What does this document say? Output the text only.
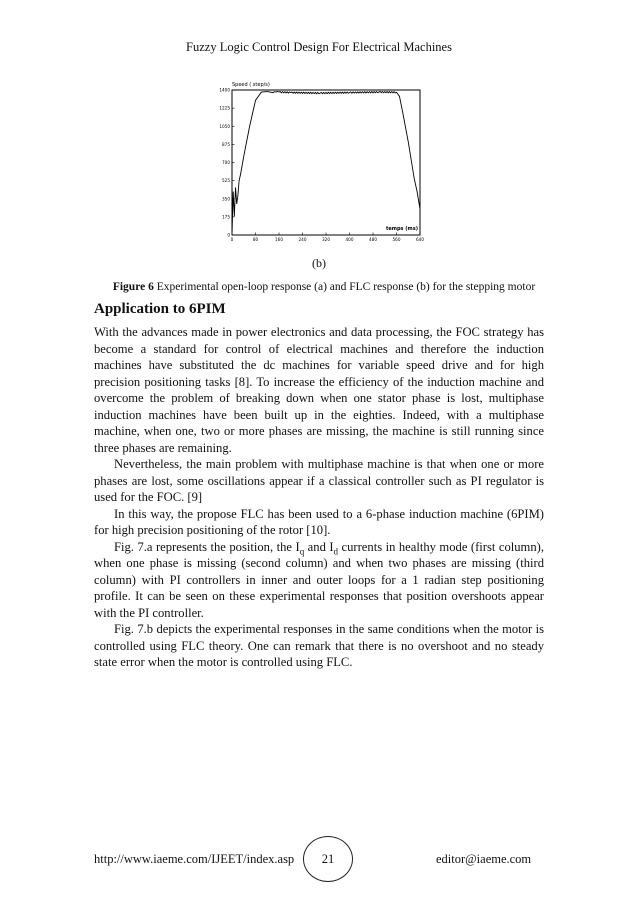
Fuzzy Logic Control Design For Electrical Machines
Speed ( step/s)
temps (ms)
0	80	160	240	320	400	480	560	640
0
175
350
525
700
875
1050
1225
1400
(b)
Figure 6 Experimental open-loop response (a) and FLC response (b) for the stepping motor
Application to 6PIM

With the advances made in power electronics and data processing, the FOC strategy has become a standard for control of electrical machines and therefore the induction machines have substituted the dc machines for variable speed drive and for high precision positioning tasks [8]. To increase the efficiency of the induction machine and overcome the problem of breaking down when one stator phase is lost, multiphase induction machines have been built up in the eighties. Indeed, with a multiphase machine, when one, two or more phases are missing, the machine is still running since three phases are remaining.

Nevertheless, the main problem with multiphase machine is that when one or more phases are lost, some oscillations appear if a classical controller such as PI regulator is used for the FOC. [9]

In this way, the propose FLC has been used to a 6-phase induction machine (6PIM) for high precision positioning of the rotor [10].

Fig. 7.a represents the position, the $I_q$ and $I_d$ currents in healthy mode (first column), when one phase is missing (second column) and when two phases are missing (third column) with PI controllers in inner and outer loops for a 1 radian step positioning profile. It can be seen on these experimental responses that position overshoots appear with the PI controller.

Fig. 7.b depicts the experimental responses in the same conditions when the motor is controlled using FLC theory. One can remark that there is no overshoot and no steady state error when the motor is controlled using FLC.

http://www.iaeme.com/IJEET/index.asp	21	editor@iaeme.com
